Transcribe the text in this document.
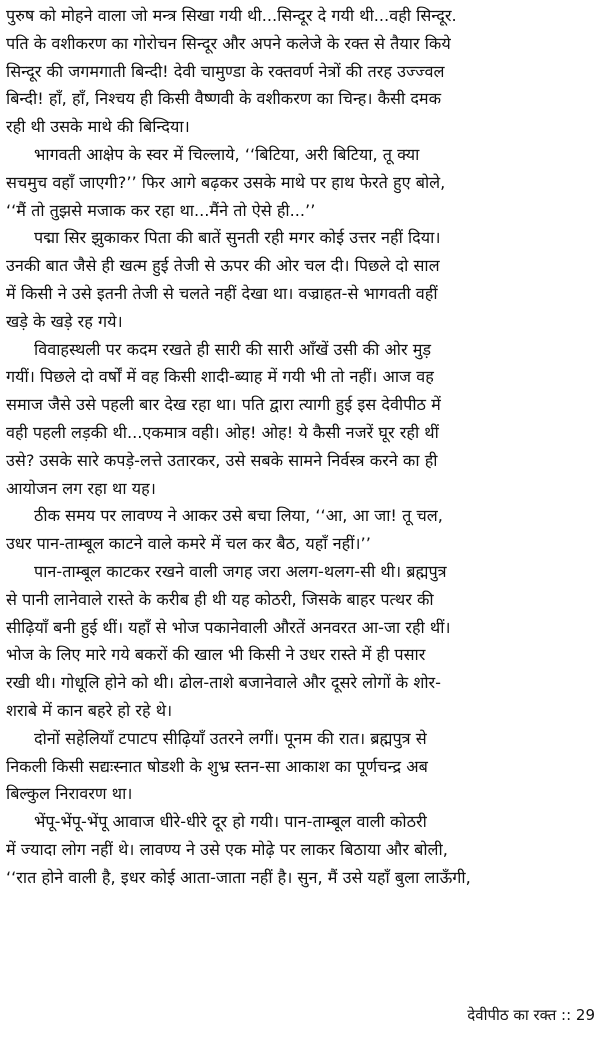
पुरुष को मोहने वाला जो मन्त्र सिखा गयी थी...सिन्दूर दे गयी थी...वही सिन्दूर.
पति के वशीकरण का गोरोचन सिन्दूर और अपने कलेजे के रक्त से तैयार किये
सिन्दूर की जगमगाती बिन्दी! देवी चामुण्डा के रक्तवर्ण नेत्रों की तरह उज्ज्वल
बिन्दी! हाँ, हाँ, निश्चय ही किसी वैष्णवी के वशीकरण का चिन्ह। कैसी दमक
रही थी उसके माथे की बिन्दिया।
भागवती आक्षेप के स्वर में चिल्लाये, ‘‘बिटिया, अरी बिटिया, तू क्या
सचमुच वहाँ जाएगी?’’ फिर आगे बढ़कर उसके माथे पर हाथ फेरते हुए बोले,
‘‘मैं तो तुझसे मजाक कर रहा था...मैंने तो ऐसे ही...’’
पद्मा सिर झुकाकर पिता की बातें सुनती रही मगर कोई उत्तर नहीं दिया।
उनकी बात जैसे ही खत्म हुई तेजी से ऊपर की ओर चल दी। पिछले दो साल
में किसी ने उसे इतनी तेजी से चलते नहीं देखा था। वज्राहत-से भागवती वहीं
खड़े के खड़े रह गये।
विवाहस्थली पर कदम रखते ही सारी की सारी आँखें उसी की ओर मुड़
गयीं। पिछले दो वर्षों में वह किसी शादी-ब्याह में गयी भी तो नहीं। आज वह
समाज जैसे उसे पहली बार देख रहा था। पति द्वारा त्यागी हुई इस देवीपीठ में
वही पहली लड़की थी...एकमात्र वही। ओह! ओह! ये कैसी नजरें घूर रही थीं
उसे? उसके सारे कपड़े-लत्ते उतारकर, उसे सबके सामने निर्वस्त्र करने का ही
आयोजन लग रहा था यह।
ठीक समय पर लावण्य ने आकर उसे बचा लिया, ‘‘आ, आ जा! तू चल,
उधर पान-ताम्बूल काटने वाले कमरे में चल कर बैठ, यहाँ नहीं।’’
पान-ताम्बूल काटकर रखने वाली जगह जरा अलग-थलग-सी थी। ब्रह्मपुत्र
से पानी लानेवाले रास्ते के करीब ही थी यह कोठरी, जिसके बाहर पत्थर की
सीढ़ियाँ बनी हुई थीं। यहाँ से भोज पकानेवाली औरतें अनवरत आ-जा रही थीं।
भोज के लिए मारे गये बकरों की खाल भी किसी ने उधर रास्ते में ही पसार
रखी थी। गोधूलि होने को थी। ढोल-ताशे बजानेवाले और दूसरे लोगों के शोर-
शराबे में कान बहरे हो रहे थे।
दोनों सहेलियाँ टपाटप सीढ़ियाँ उतरने लगीं। पूनम की रात। ब्रह्मपुत्र से
निकली किसी सद्यःस्नात षोडशी के शुभ्र स्तन-सा आकाश का पूर्णचन्द्र अब
बिल्कुल निरावरण था।
भेंपू-भेंपू-भेंपू आवाज धीरे-धीरे दूर हो गयी। पान-ताम्बूल वाली कोठरी
में ज्यादा लोग नहीं थे। लावण्य ने उसे एक मोढ़े पर लाकर बिठाया और बोली,
‘‘रात होने वाली है, इधर कोई आता-जाता नहीं है। सुन, मैं उसे यहाँ बुला लाऊँगी,
देवीपीठ का रक्त :: 29
